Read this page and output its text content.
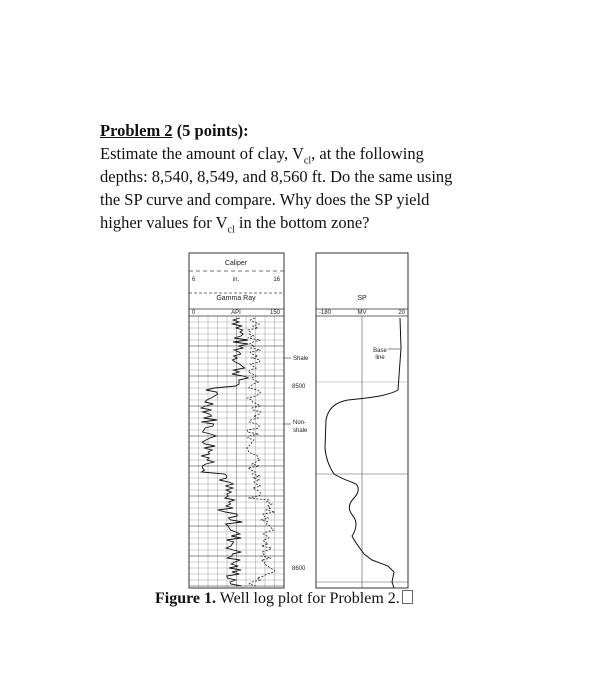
Problem 2 (5 points):
Estimate the amount of clay, $V_{cl}$, at the following
depths: 8,540, 8,549, and 8,560 ft. Do the same using
the SP curve and compare. Why does the SP yield
higher values for $V_{cl}$ in the bottom zone?
Caliper
6	in.	16
Gamma Ray
0	API	150
SP
-180	MV	20
Base
line
Shale
8500
Non-
shale
8600
Figure 1. Well log plot for Problem 2.
